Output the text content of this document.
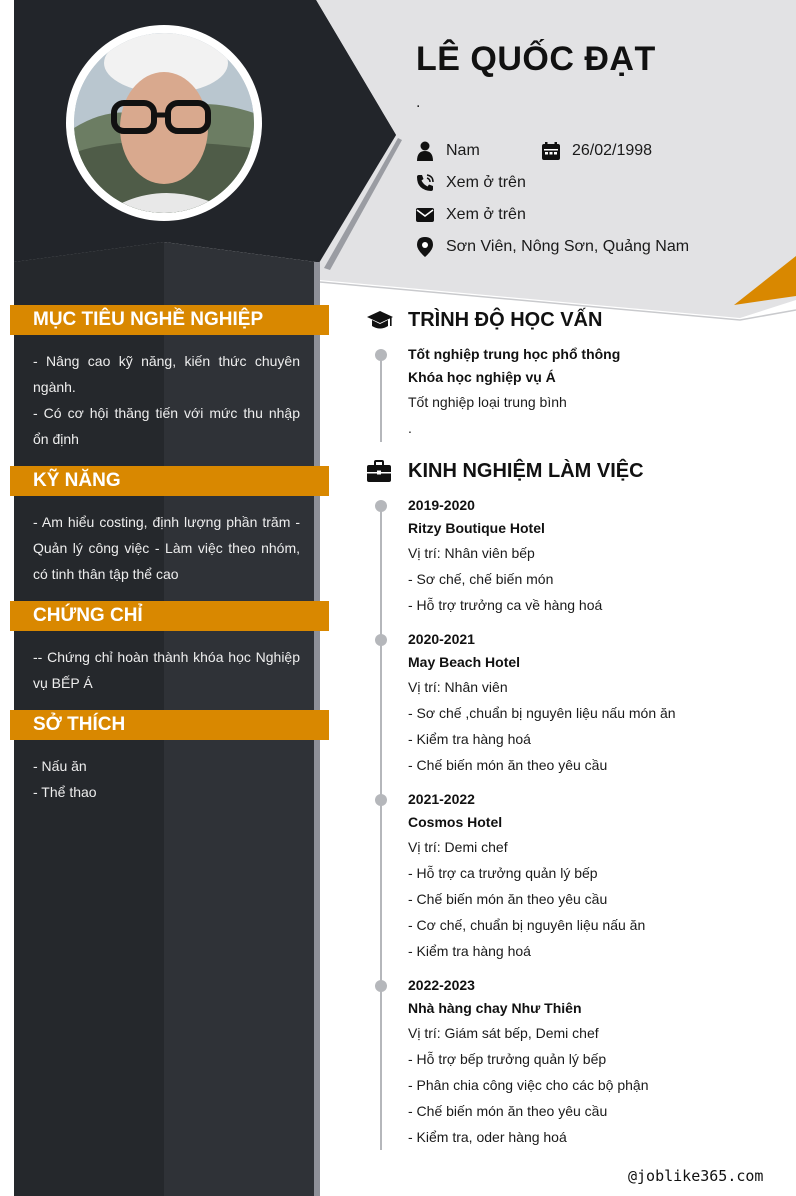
LÊ QUỐC ĐẠT
.
Nam	26/02/1998
Xem ở trên
Xem ở trên
Sơn Viên, Nông Sơn, Quảng Nam
MỤC TIÊU NGHỀ NGHIỆP

- Nâng cao kỹ năng, kiến thức chuyên ngành.

- Có cơ hội thăng tiến với mức thu nhập ổn định

KỸ NĂNG

- Am hiểu costing, định lượng phần trăm - Quản lý công việc - Làm việc theo nhóm, có tinh thân tập thể cao

CHỨNG CHỈ

-- Chứng chỉ hoàn thành khóa học Nghiệp vụ BẾP Á

SỞ THÍCH

- Nấu ăn

- Thể thao

TRÌNH ĐỘ HỌC VẤN
Tốt nghiệp trung học phổ thông
Khóa học nghiệp vụ Á
Tốt nghiệp loại trung bình
.
KINH NGHIỆM LÀM VIỆC
2019-2020
Ritzy Boutique Hotel
Vị trí: Nhân viên bếp
- Sơ chế, chế biến món
- Hỗ trợ trưởng ca về hàng hoá
2020-2021
May Beach Hotel
Vị trí: Nhân viên
- Sơ chế ,chuẩn bị nguyên liệu nấu món ăn
- Kiểm tra hàng hoá
- Chế biến món ăn theo yêu cầu
2021-2022
Cosmos Hotel
Vị trí: Demi chef
- Hỗ trợ ca trưởng quản lý bếp
- Chế biến món ăn theo yêu cầu
- Cơ chế, chuẩn bị nguyên liệu nấu ăn
- Kiểm tra hàng hoá
2022-2023
Nhà hàng chay Như Thiên
Vị trí: Giám sát bếp, Demi chef
- Hỗ trợ bếp trưởng quản lý bếp
- Phân chia công việc cho các bộ phận
- Chế biến món ăn theo yêu cầu
- Kiểm tra, oder hàng hoá
@joblike365.com
